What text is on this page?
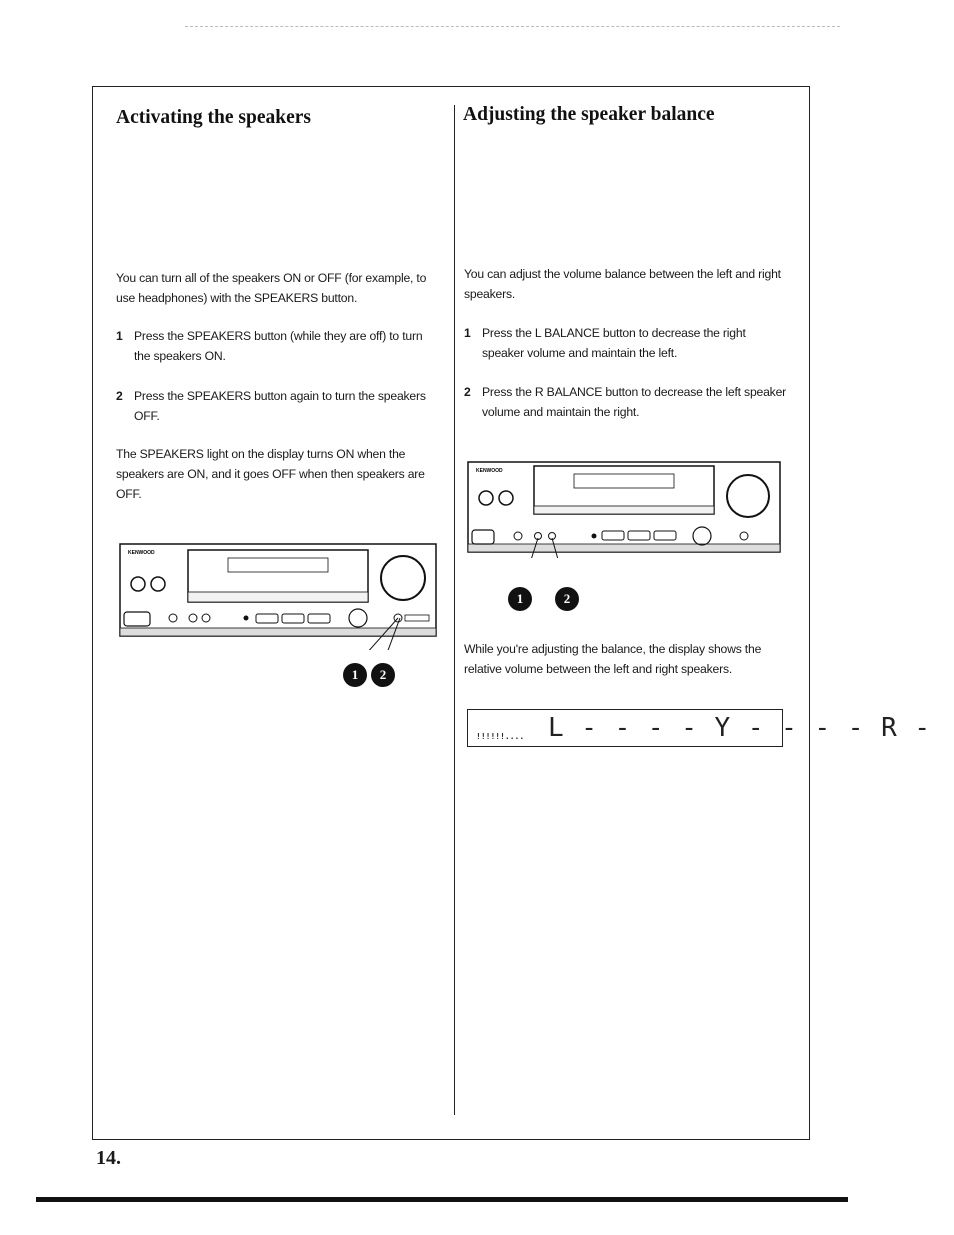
Activating the speakers

You can turn all of the speakers ON or OFF (for example, to use headphones) with the SPEAKERS button.

1 Press the SPEAKERS button (while they are off) to turn the speakers ON.
2 Press the SPEAKERS button again to turn the speakers OFF.

The SPEAKERS light on the display turns ON when the speakers are ON, and it goes OFF when then speakers are OFF.

KENWOOD
1	2
Adjusting the speaker balance

You can adjust the volume balance between the left and right speakers.

1 Press the L BALANCE button to decrease the right speaker volume and maintain the left.
2 Press the R BALANCE button to decrease the left speaker volume and maintain the right.
KENWOOD
1	2

While you're adjusting the balance, the display shows the relative volume between the left and right speakers.

!!!!!!.... L - - - - Y - - - - R -
14.
